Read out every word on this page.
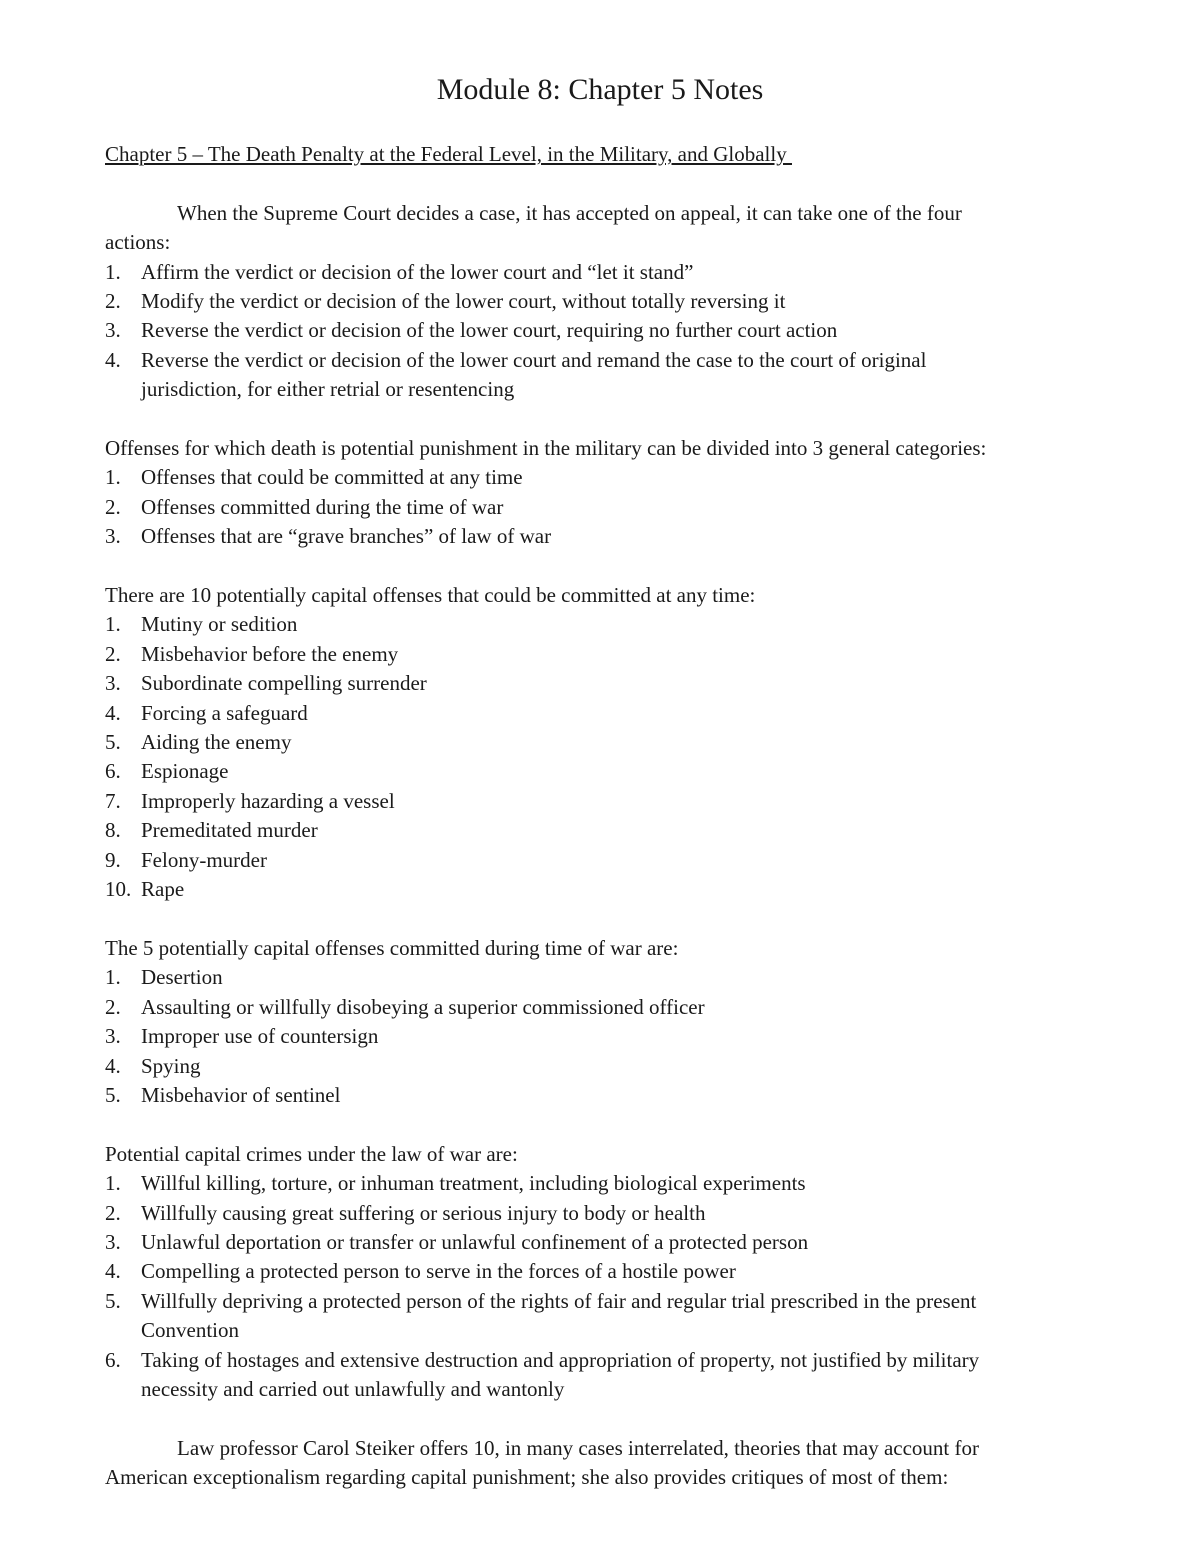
Module 8: Chapter 5 Notes

Chapter 5 – The Death Penalty at the Federal Level, in the Military, and Globally

When the Supreme Court decides a case, it has accepted on appeal, it can take one of the four

actions:

1. Affirm the verdict or decision of the lower court and “let it stand”
2. Modify the verdict or decision of the lower court, without totally reversing it
3. Reverse the verdict or decision of the lower court, requiring no further court action
4. Reverse the verdict or decision of the lower court and remand the case to the court of original
jurisdiction, for either retrial or resentencing

Offenses for which death is potential punishment in the military can be divided into 3 general categories:

1. Offenses that could be committed at any time
2. Offenses committed during the time of war
3. Offenses that are “grave branches” of law of war

There are 10 potentially capital offenses that could be committed at any time:

1. Mutiny or sedition
2. Misbehavior before the enemy
3. Subordinate compelling surrender
4. Forcing a safeguard
5. Aiding the enemy
6. Espionage
7. Improperly hazarding a vessel
8. Premeditated murder
9. Felony-murder
10. Rape

The 5 potentially capital offenses committed during time of war are:

1. Desertion
2. Assaulting or willfully disobeying a superior commissioned officer
3. Improper use of countersign
4. Spying
5. Misbehavior of sentinel

Potential capital crimes under the law of war are:

1. Willful killing, torture, or inhuman treatment, including biological experiments
2. Willfully causing great suffering or serious injury to body or health
3. Unlawful deportation or transfer or unlawful confinement of a protected person
4. Compelling a protected person to serve in the forces of a hostile power
5. Willfully depriving a protected person of the rights of fair and regular trial prescribed in the present
Convention
6. Taking of hostages and extensive destruction and appropriation of property, not justified by military
necessity and carried out unlawfully and wantonly

Law professor Carol Steiker offers 10, in many cases interrelated, theories that may account for

American exceptionalism regarding capital punishment; she also provides critiques of most of them:
